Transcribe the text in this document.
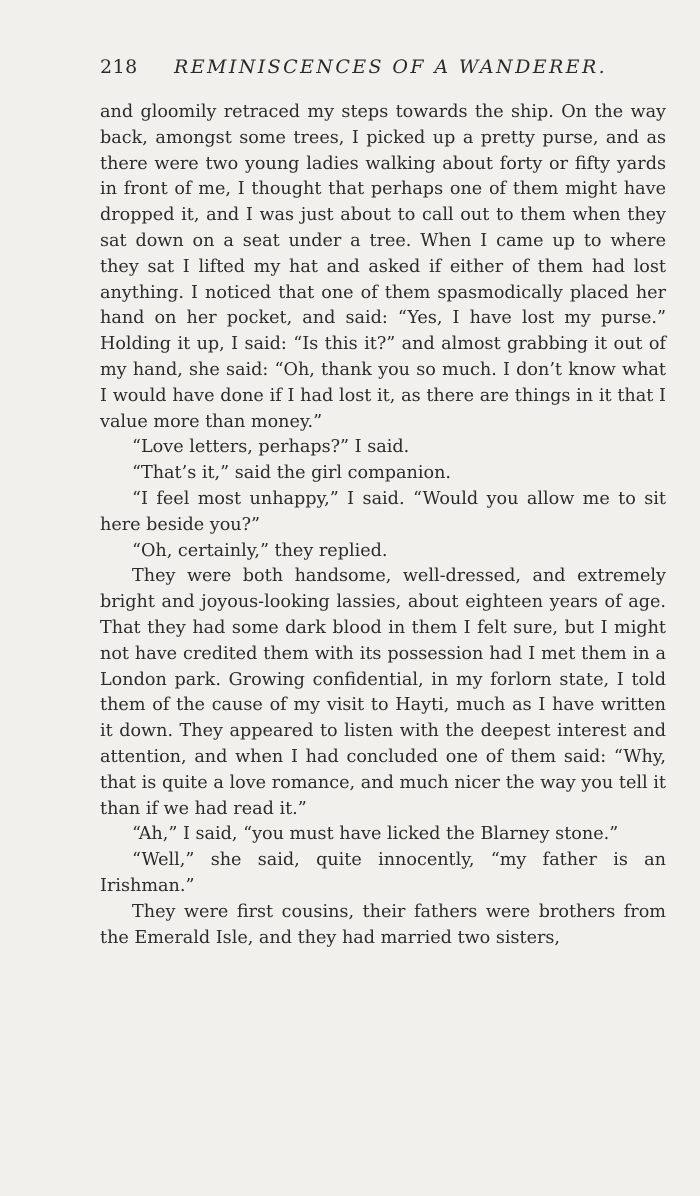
218 REMINISCENCES OF A WANDERER.

and gloomily retraced my steps towards the ship. On the way back, amongst some trees, I picked up a pretty purse, and as there were two young ladies walking about forty or fifty yards in front of me, I thought that perhaps one of them might have dropped it, and I was just about to call out to them when they sat down on a seat under a tree. When I came up to where they sat I lifted my hat and asked if either of them had lost anything. I noticed that one of them spasmodically placed her hand on her pocket, and said: “Yes, I have lost my purse.” Holding it up, I said: “Is this it?” and almost grabbing it out of my hand, she said: “Oh, thank you so much. I don’t know what I would have done if I had lost it, as there are things in it that I value more than money.”

“Love letters, perhaps?” I said.

“That’s it,” said the girl companion.

“I feel most unhappy,” I said. “Would you allow me to sit here beside you?”

“Oh, certainly,” they replied.

They were both handsome, well-dressed, and extremely bright and joyous-looking lassies, about eighteen years of age. That they had some dark blood in them I felt sure, but I might not have credited them with its possession had I met them in a London park. Growing confidential, in my forlorn state, I told them of the cause of my visit to Hayti, much as I have written it down. They appeared to listen with the deepest interest and attention, and when I had concluded one of them said: “Why, that is quite a love romance, and much nicer the way you tell it than if we had read it.”

“Ah,” I said, “you must have licked the Blarney stone.”

“Well,” she said, quite innocently, “my father is an Irishman.”

They were first cousins, their fathers were brothers from the Emerald Isle, and they had married two sisters,
